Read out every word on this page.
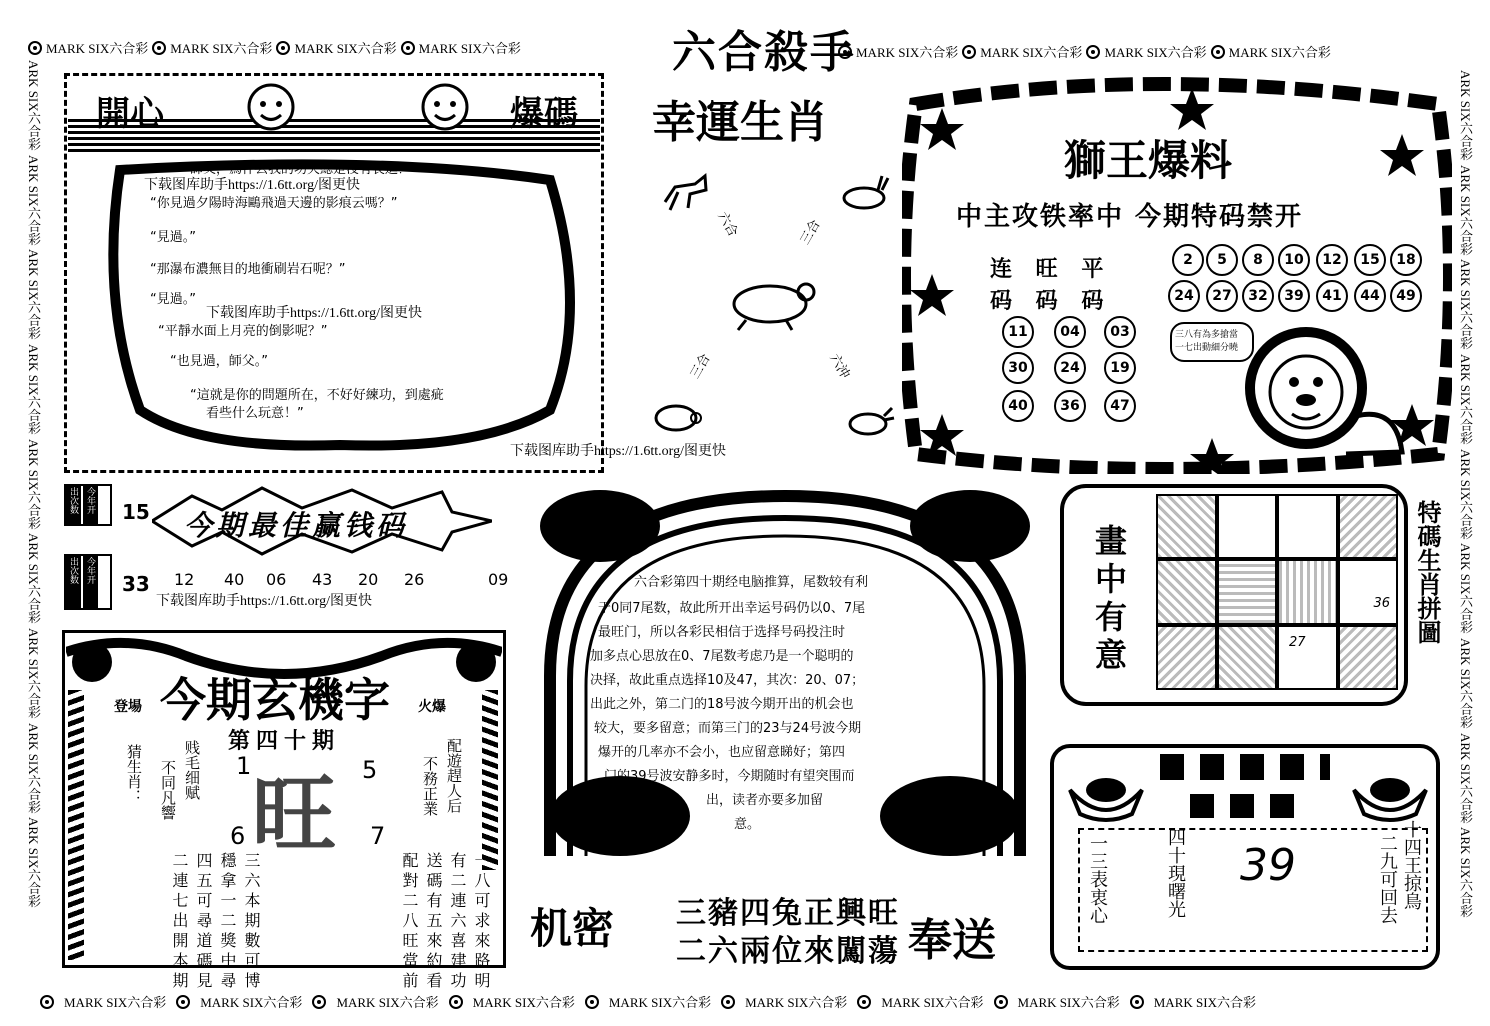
MARK SIX六合彩 MARK SIX六合彩 MARK SIX六合彩 MARK SIX六合彩	MARK SIX六合彩 MARK SIX六合彩 MARK SIX六合彩 MARK SIX六合彩
MARK SIX六合彩	MARK SIX六合彩	MARK SIX六合彩	MARK SIX六合彩	MARK SIX六合彩	MARK SIX六合彩	MARK SIX六合彩	MARK SIX六合彩	MARK SIX六合彩
ARK SIX六合彩
ARK SIX六合彩
ARK SIX六合彩
ARK SIX六合彩
ARK SIX六合彩
ARK SIX六合彩
ARK SIX六合彩
ARK SIX六合彩
ARK SIX六合彩
ARK SIX六合彩
ARK SIX六合彩
ARK SIX六合彩
ARK SIX六合彩
ARK SIX六合彩
ARK SIX六合彩
ARK SIX六合彩
ARK SIX六合彩
ARK SIX六合彩
六合殺手
開心	爆碼
師父，爲什么我的功夫總是沒有長進？”
“你見過夕陽時海鷗飛過天邊的影痕云嗎？”
“見過。”
“那瀑布濃無目的地衝刷岩石呢？”
“見過。”
“平靜水面上月亮的倒影呢？”
“也見過，師父。”
“這就是你的問題所在，不好好練功，到處疵
看些什么玩意！”
下载图库助手https://1.6tt.org/图更快
下载图库助手https://1.6tt.org/图更快
下载图库助手https://1.6tt.org/图更快
下载图库助手https://1.6tt.org/图更快
幸運生肖
六合	三合
三合	六沖
獅王爆料
中主攻铁率中 今期特码禁开
连 旺 平
码 码 码
2	5	8	10	12	15	18
24	27	32	39	41	44	49
11	04	03
30	24	19
40	36	47
三八有為多搶當
一七出動細分曉
出次数 今年开 15
出次数 今年开 33
今期最佳赢钱码
12 40 06 43 20 26	09	六合彩第四十期经电脑推算，尾数较有利
于0同7尾数，故此所开出幸运号码仍以0、7尾
最旺门，所以各彩民相信于选择号码投注时
加多点心思放在0、7尾数考虑乃是一个聪明的
决择，故此重点选择10及47，其次：20、07；
出此之外，第二门的18号波今期开出的机会也
较大，要多留意；而第三门的23与24号波今期
爆开的几率亦不会小，也应留意睇好；第四
门的39号波安静多时，今期随时有望突围而
出，读者亦要多加留
意。
畫中有意	36
27	特碼生肖拼圖
今期玄機字
登場	火爆
第四十期
旺
1	5
6	7
猜生肖： 不同凡響 贱毛细赋	不務正業 配遊趕人后
三六本期數可博
穩拿一二獎中尋
四五可尋道碼見
二連七出開本期	一八可求來路明
有二連六喜建功
送碼有五來約看
配對二八旺當前	机密 三豬四兔正興旺
二六兩位來闖蕩 奉送
一三表衷心	四十現曙光 39	二九可回去 十四王掠鳥
